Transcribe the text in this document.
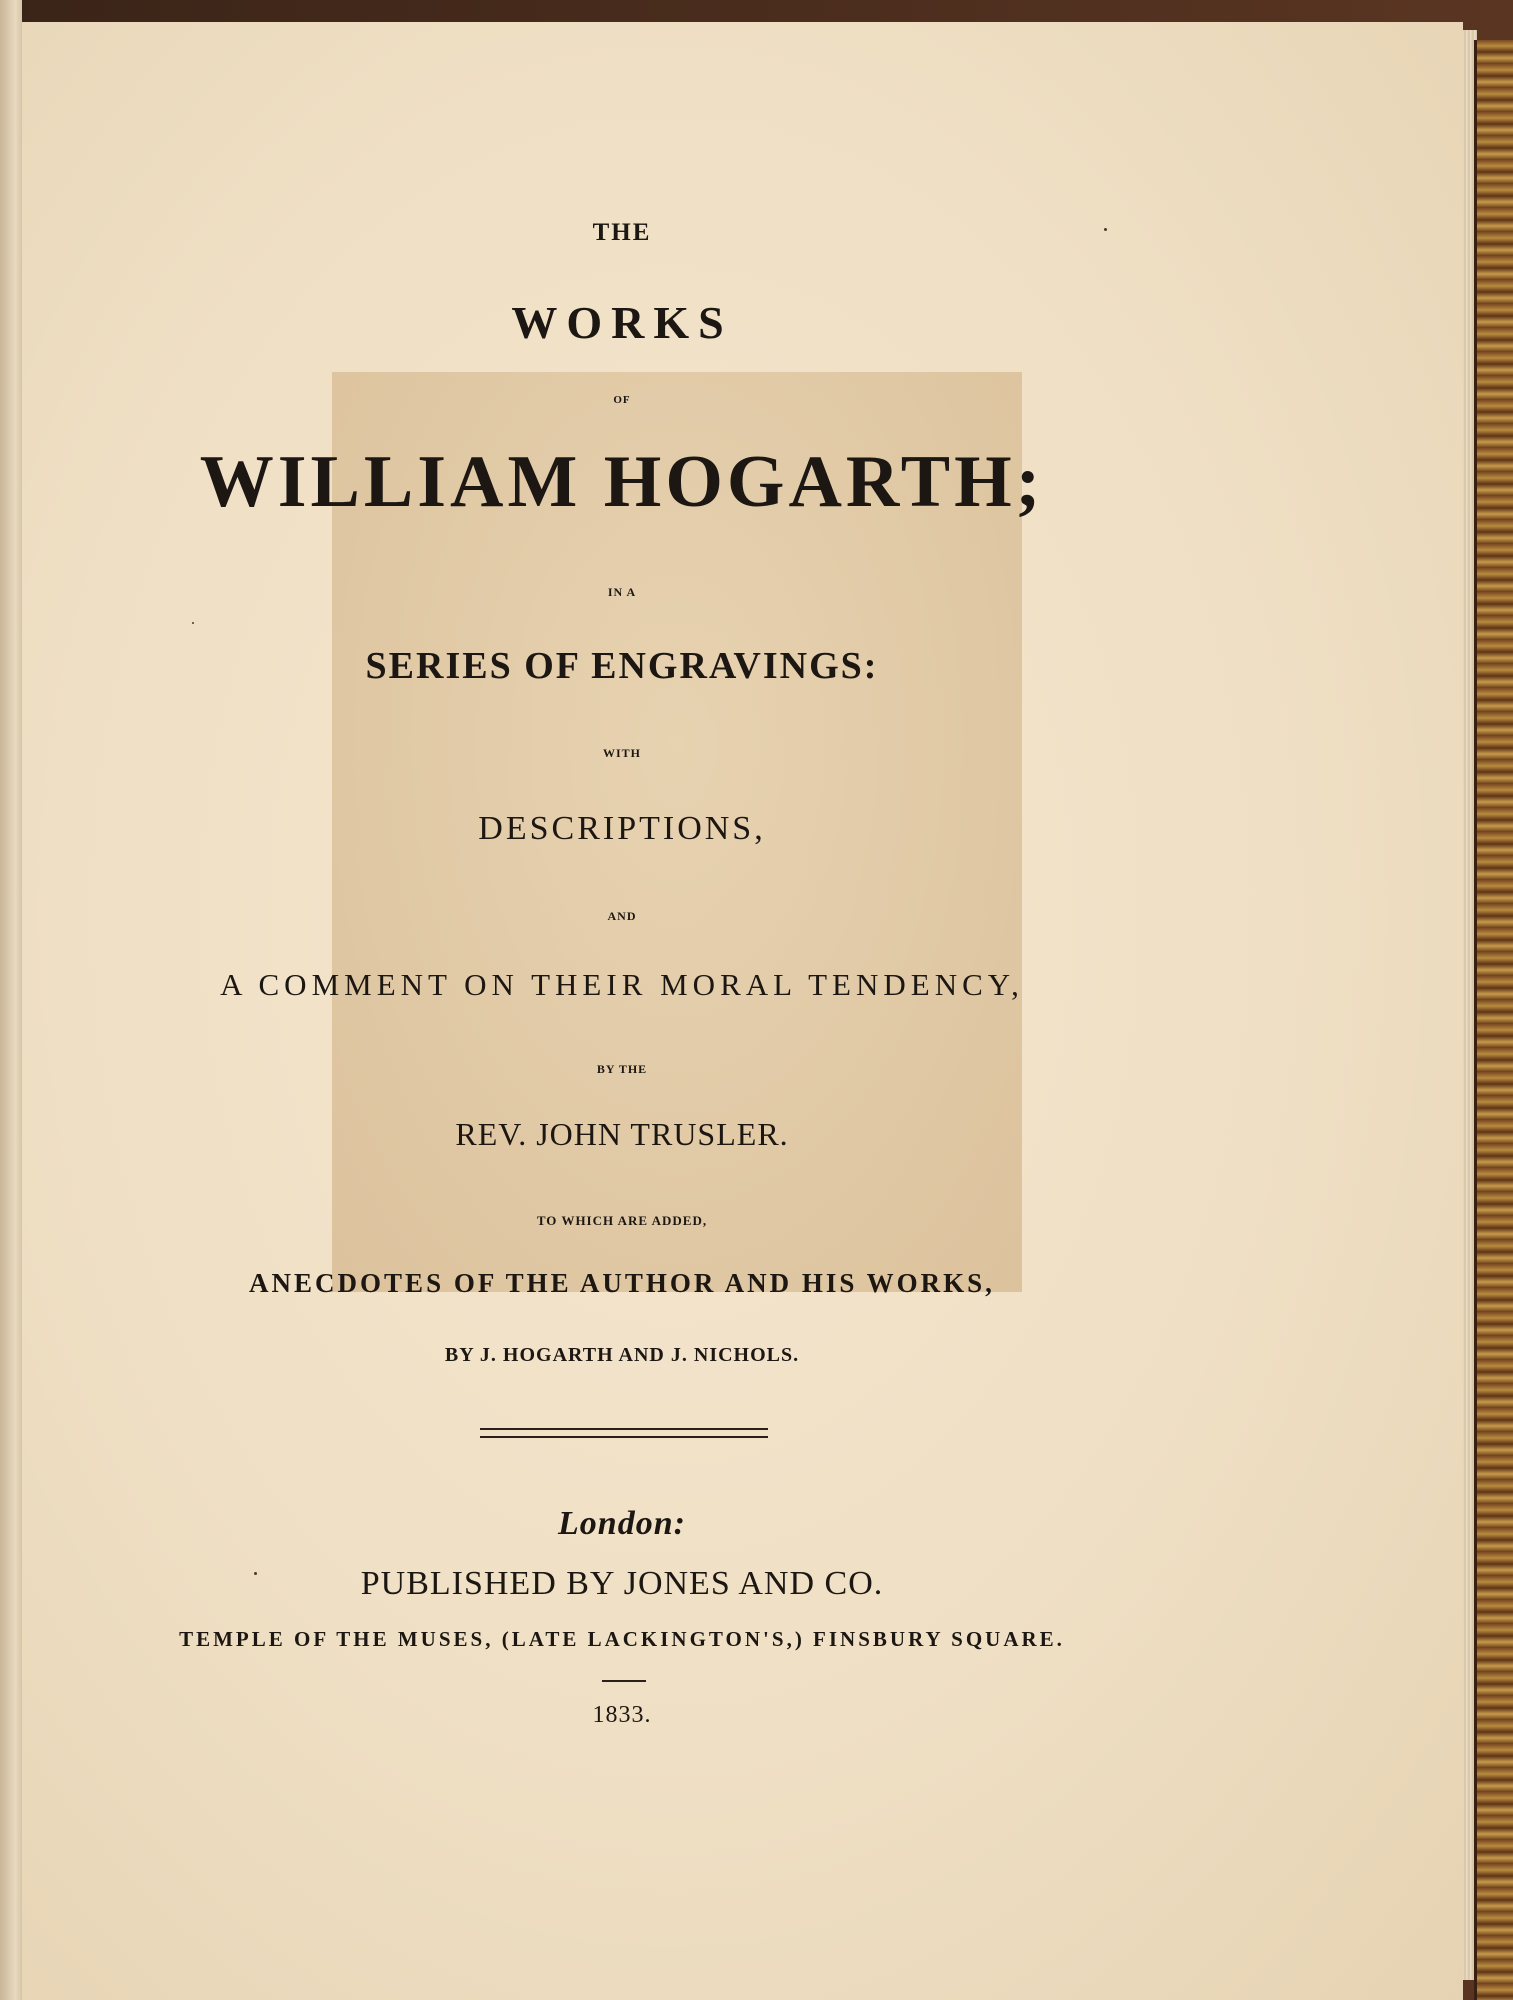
THE
WORKS
OF
WILLIAM HOGARTH;
IN A
SERIES OF ENGRAVINGS:
WITH
DESCRIPTIONS,
AND
A COMMENT ON THEIR MORAL TENDENCY,
BY THE
REV. JOHN TRUSLER.
TO WHICH ARE ADDED,
ANECDOTES OF THE AUTHOR AND HIS WORKS,
BY J. HOGARTH AND J. NICHOLS.
London:
PUBLISHED BY JONES AND CO.
TEMPLE OF THE MUSES, (LATE LACKINGTON'S,) FINSBURY SQUARE.
1833.
